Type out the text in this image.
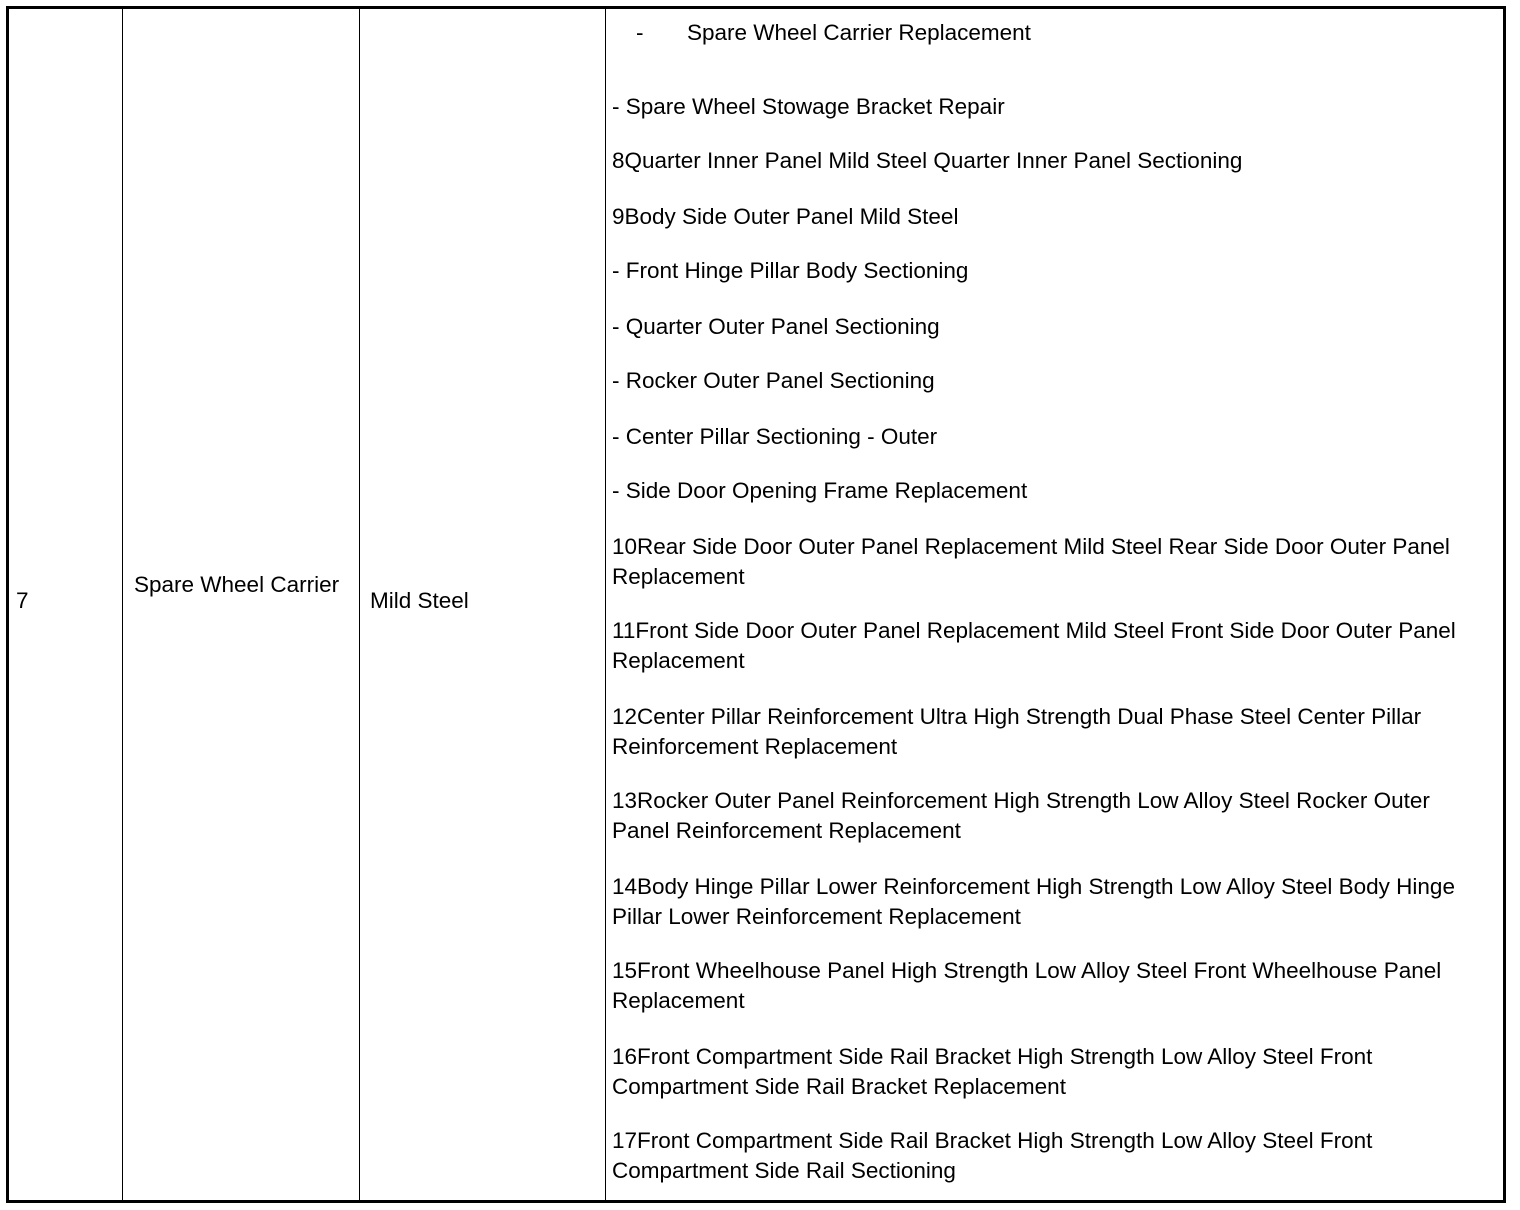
7
Spare Wheel Carrier
Mild Steel
- Spare Wheel Carrier Replacement
- Spare Wheel Stowage Bracket Repair
8Quarter Inner Panel Mild Steel Quarter Inner Panel Sectioning
9Body Side Outer Panel Mild Steel
- Front Hinge Pillar Body Sectioning
- Quarter Outer Panel Sectioning
- Rocker Outer Panel Sectioning
- Center Pillar Sectioning - Outer
- Side Door Opening Frame Replacement
10Rear Side Door Outer Panel Replacement Mild Steel Rear Side Door Outer Panel Replacement
11Front Side Door Outer Panel Replacement Mild Steel Front Side Door Outer Panel Replacement
12Center Pillar Reinforcement Ultra High Strength Dual Phase Steel Center Pillar Reinforcement Replacement
13Rocker Outer Panel Reinforcement High Strength Low Alloy Steel Rocker Outer Panel Reinforcement Replacement
14Body Hinge Pillar Lower Reinforcement High Strength Low Alloy Steel Body Hinge Pillar Lower Reinforcement Replacement
15Front Wheelhouse Panel High Strength Low Alloy Steel Front Wheelhouse Panel Replacement
16Front Compartment Side Rail Bracket High Strength Low Alloy Steel Front Compartment Side Rail Bracket Replacement
17Front Compartment Side Rail Bracket High Strength Low Alloy Steel Front Compartment Side Rail Sectioning
